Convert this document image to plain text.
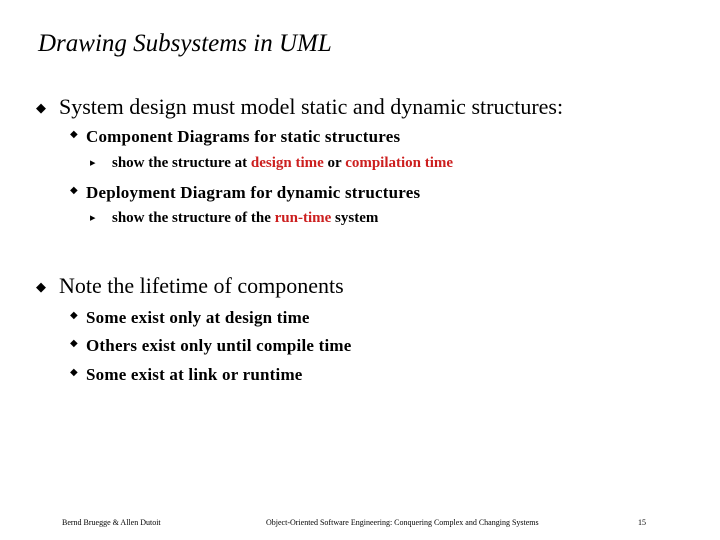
Drawing Subsystems in UML
◆ System design must model static and dynamic structures:
◆ Component Diagrams for static structures
▸ show the structure at design time or compilation time
◆ Deployment Diagram for dynamic structures
▸ show the structure of the run-time system
◆ Note the lifetime of components
◆ Some exist only at design time
◆ Others exist only until compile time
◆ Some exist at link or runtime
Bernd Bruegge & Allen Dutoit	Object-Oriented Software Engineering: Conquering Complex and Changing Systems	15
